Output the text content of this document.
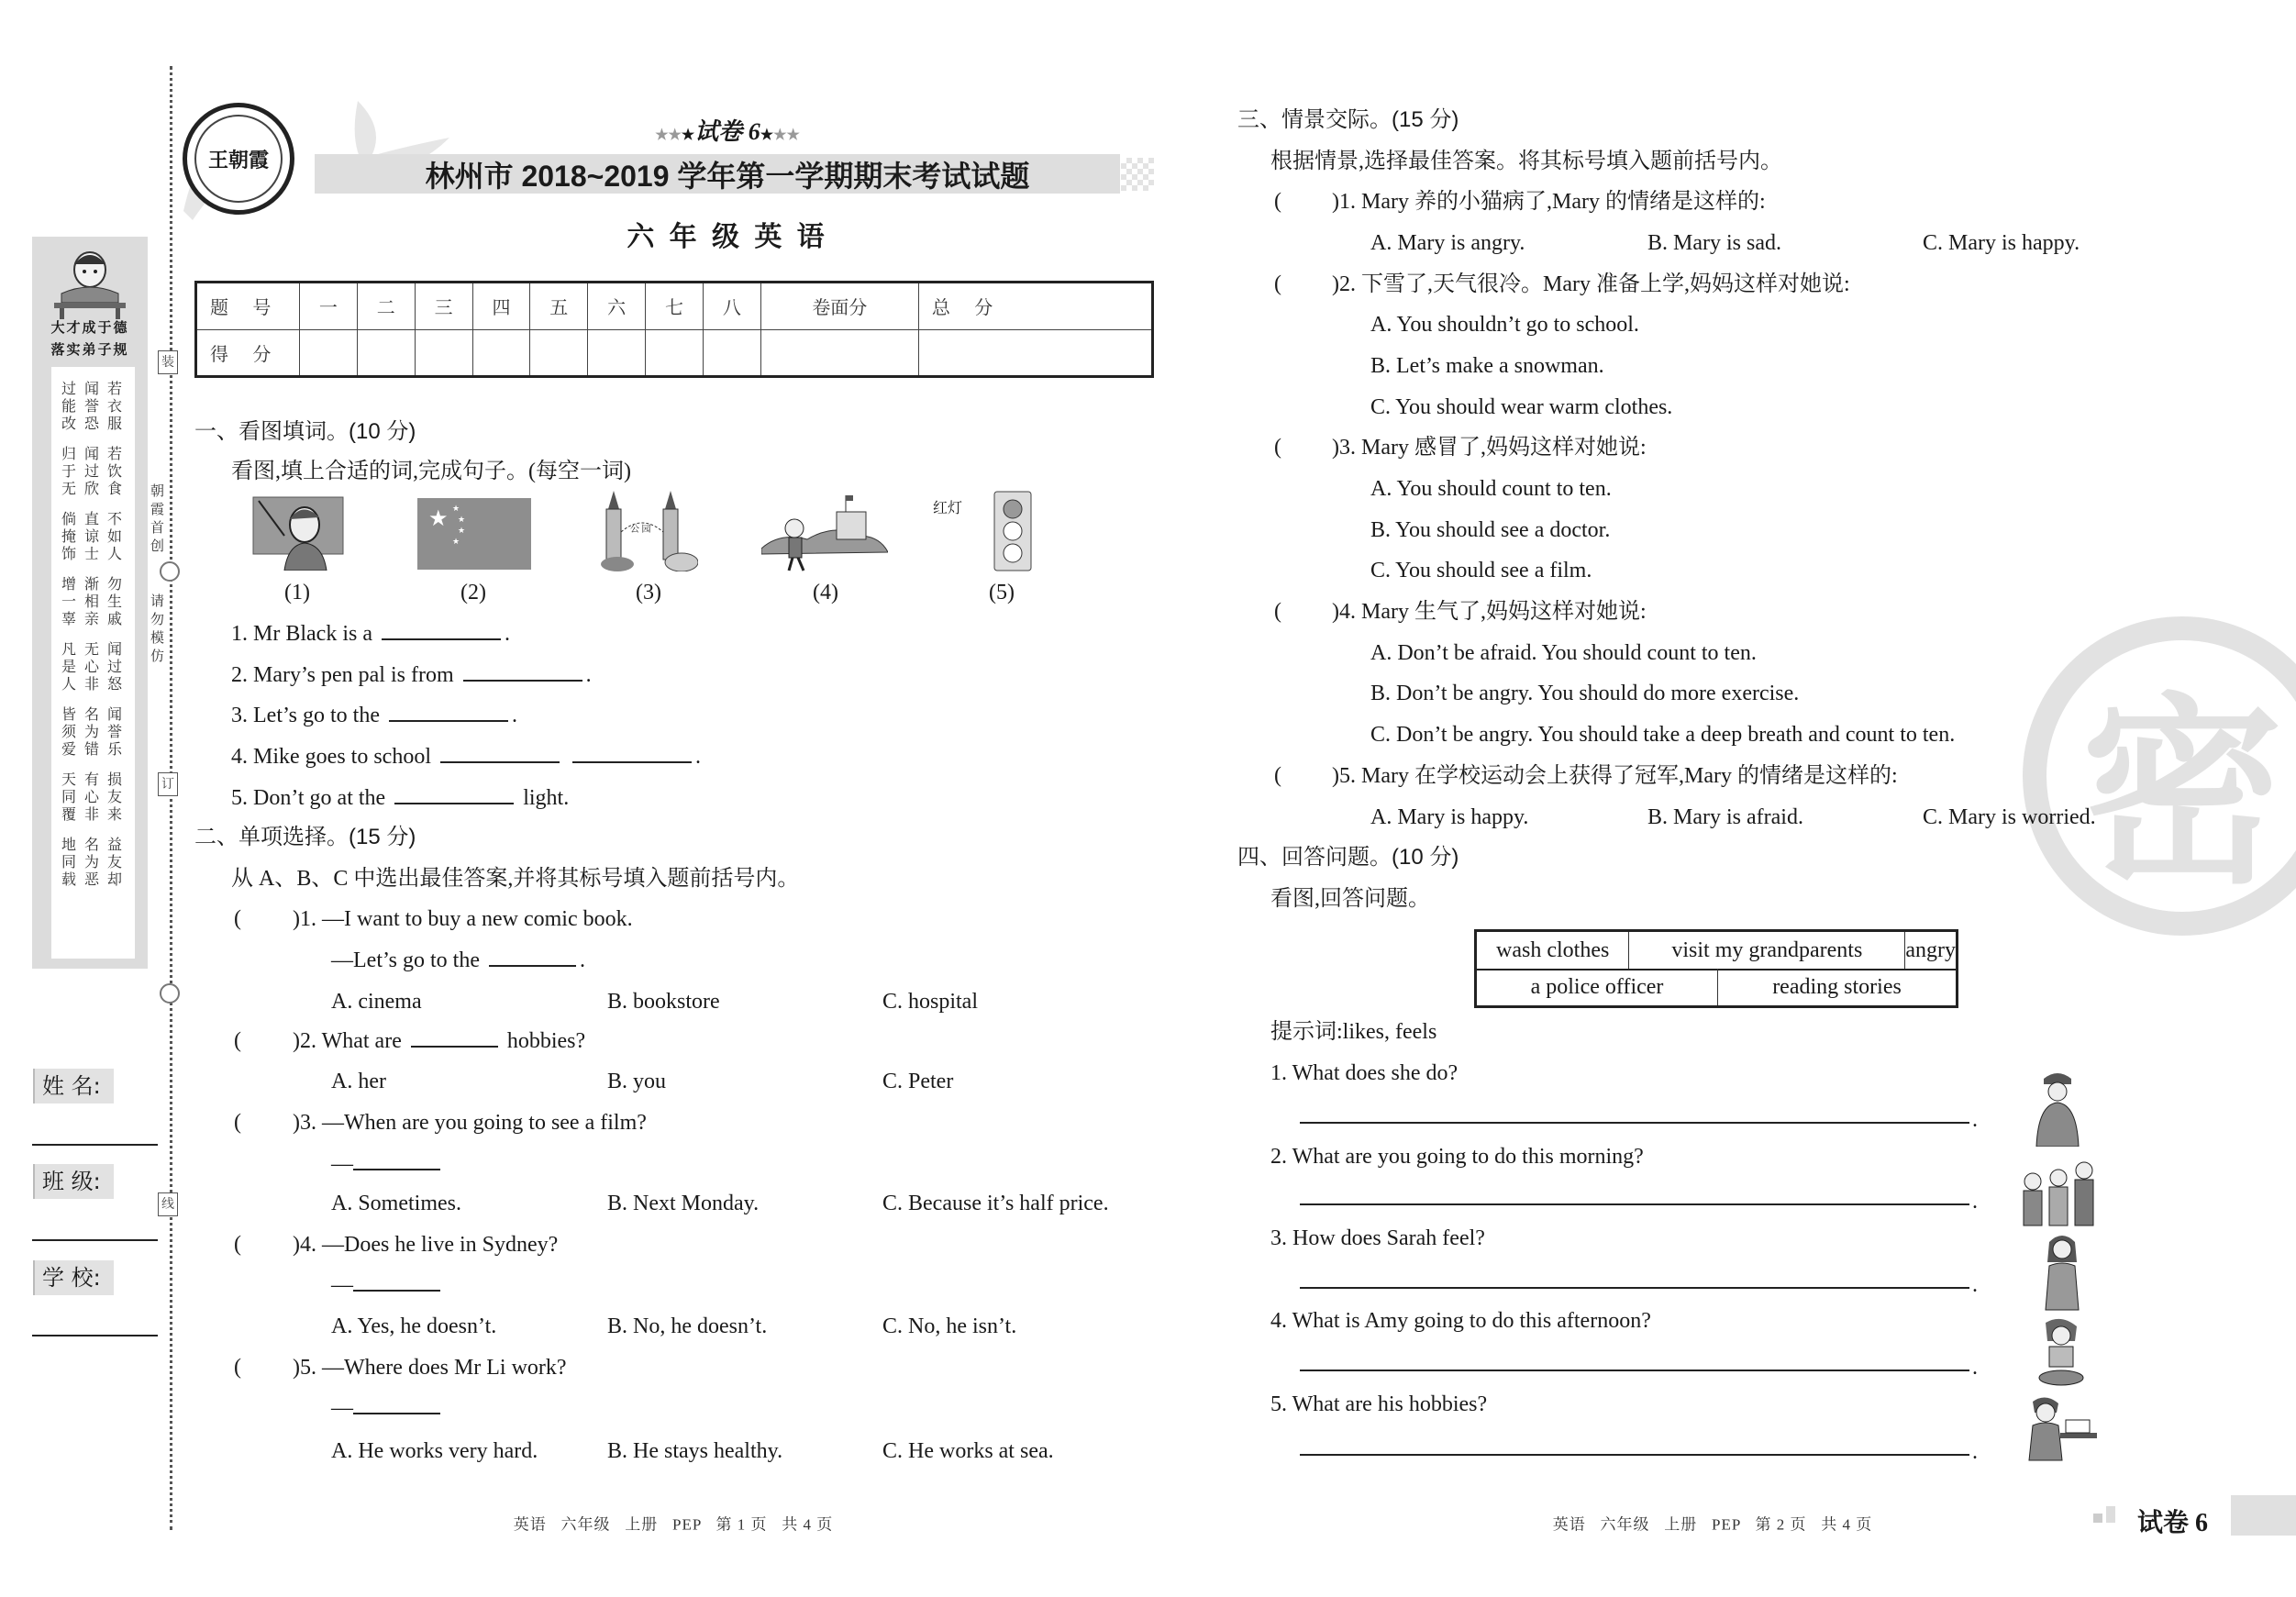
装
订
线
朝霞首创
请勿模仿
大才成于德
落实弟子规
过闻若
能誉衣
改恐服
归闻若
于过饮
无欣食
倘直不
掩谅如
饰士人
增渐勿
一相生
辜亲戚
凡无闻
是心过
人非怒
皆名闻
须为誉
爱错乐
天有损
同心友
覆非来
地名益
同为友
载恶却
姓 名:
班 级:
学 校:
王朝霞
★★★试卷 6★★★
林州市 2018~2019 学年第一学期期末考试试题
六 年 级 英 语
题 号	一	二	三	四	五	六	七	八	卷面分	总 分
得 分										
一、看图填词。(10 分)
看图,填上合适的词,完成句子。(每空一词)
★ ★
★
★
★
公 园
红灯
(1)	(2)	(3)	(4)	(5)
1. Mr Black is a	.
2. Mary’s pen pal is from	.
3. Let’s go to the	.
4. Mike goes to school	.
5. Don’t go at the	light.
二、单项选择。(15 分)
从 A、B、C 中选出最佳答案,并将其标号填入题前括号内。
( )1. —I want to buy a new comic book.
—Let’s go to the	.
A. cinema	B. bookstore	C. hospital
( )2. What are	hobbies?
A. her	B. you	C. Peter
( )3. —When are you going to see a film?
—
A. Sometimes.	B. Next Monday.	C. Because it’s half price.
( )4. —Does he live in Sydney?
—
A. Yes, he doesn’t.	B. No, he doesn’t.	C. No, he isn’t.
( )5. —Where does Mr Li work?
—
A. He works very hard.	B. He stays healthy.	C. He works at sea.
密
三、情景交际。(15 分)
根据情景,选择最佳答案。将其标号填入题前括号内。
( )1. Mary 养的小猫病了,Mary 的情绪是这样的:
A. Mary is angry.	B. Mary is sad.	C. Mary is happy.
( )2. 下雪了,天气很冷。Mary 准备上学,妈妈这样对她说:
A. You shouldn’t go to school.
B. Let’s make a snowman.
C. You should wear warm clothes.
( )3. Mary 感冒了,妈妈这样对她说:
A. You should count to ten.
B. You should see a doctor.
C. You should see a film.
( )4. Mary 生气了,妈妈这样对她说:
A. Don’t be afraid. You should count to ten.
B. Don’t be angry. You should do more exercise.
C. Don’t be angry. You should take a deep breath and count to ten.
( )5. Mary 在学校运动会上获得了冠军,Mary 的情绪是这样的:
A. Mary is happy.	B. Mary is afraid.	C. Mary is worried.
四、回答问题。(10 分)
看图,回答问题。
wash clothes	visit my grandparents	angry
a police officer	reading stories
提示词:likes, feels
1. What does she do?
.
2. What are you going to do this morning?
.
3. How does Sarah feel?
.
4. What is Amy going to do this afternoon?
.
5. What are his hobbies?
.
英语   六年级   上册   PEP   第 1 页   共 4 页	英语   六年级   上册   PEP   第 2 页   共 4 页	试卷 6
